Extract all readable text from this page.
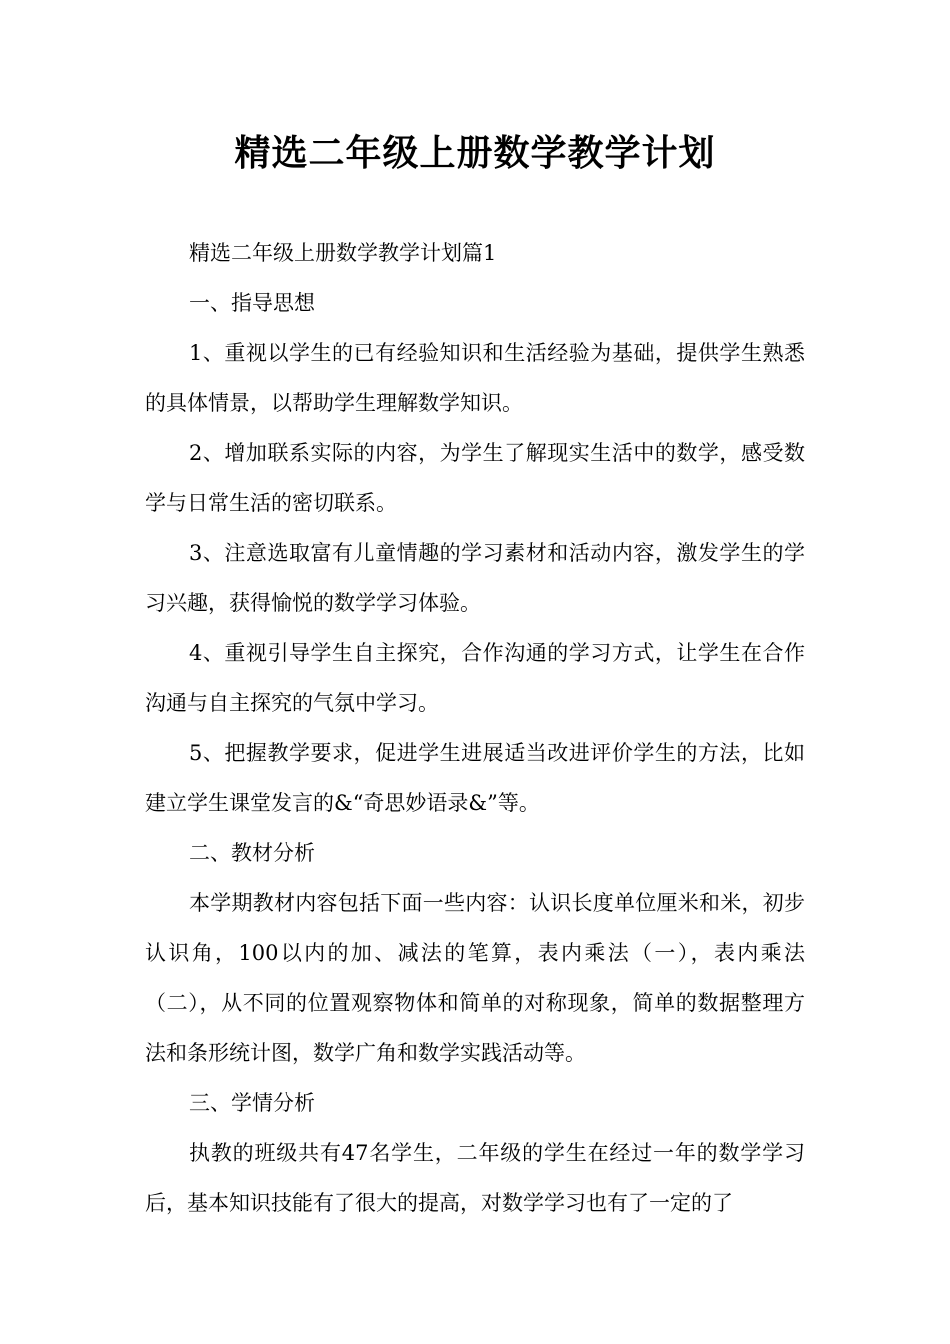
精选二年级上册数学教学计划

精选二年级上册数学教学计划篇1

一、指导思想

1、重视以学生的已有经验知识和生活经验为基础，提供学生熟悉的具体情景，以帮助学生理解数学知识。

2、增加联系实际的内容，为学生了解现实生活中的数学，感受数学与日常生活的密切联系。

3、注意选取富有儿童情趣的学习素材和活动内容，激发学生的学习兴趣，获得愉悦的数学学习体验。

4、重视引导学生自主探究，合作沟通的学习方式，让学生在合作沟通与自主探究的气氛中学习。

5、把握教学要求，促进学生进展适当改进评价学生的方法，比如建立学生课堂发言的&“奇思妙语录&”等。

二、教材分析

本学期教材内容包括下面一些内容：认识长度单位厘米和米，初步认识角，100以内的加、减法的笔算，表内乘法（一），表内乘法（二），从不同的位置观察物体和简单的对称现象，简单的数据整理方法和条形统计图，数学广角和数学实践活动等。

三、学情分析

执教的班级共有47名学生，二年级的学生在经过一年的数学学习后，基本知识技能有了很大的提高，对数学学习也有了一定的了
